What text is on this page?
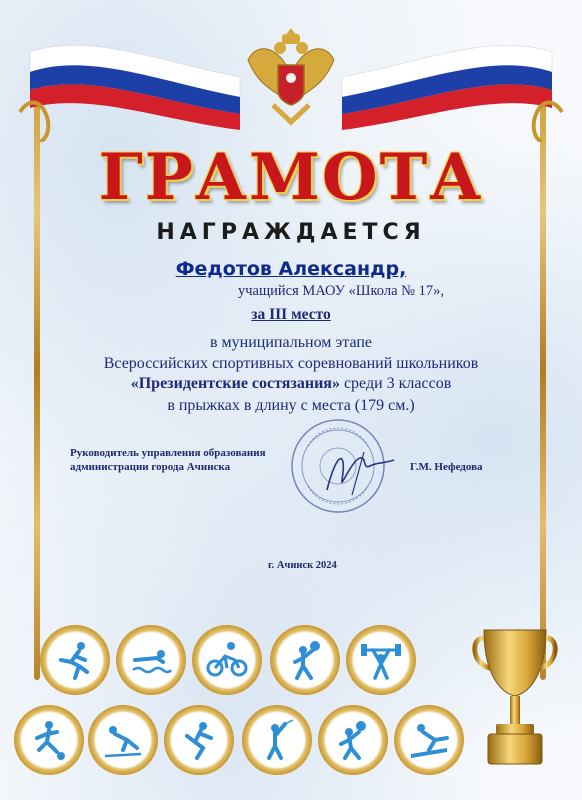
ГРАМОТА
НАГРАЖДАЕТСЯ
Федотов Александр,
учащийся МАОУ «Школа № 17»,
за III место
в муниципальном этапе
Всероссийских спортивных соревнований школьников
«Президентские состязания» среди 3 классов
в прыжках в длину с места (179 см.)
Руководитель управления образования
администрации города Ачинска	Г.М. Нефедова
г. Ачинск 2024
